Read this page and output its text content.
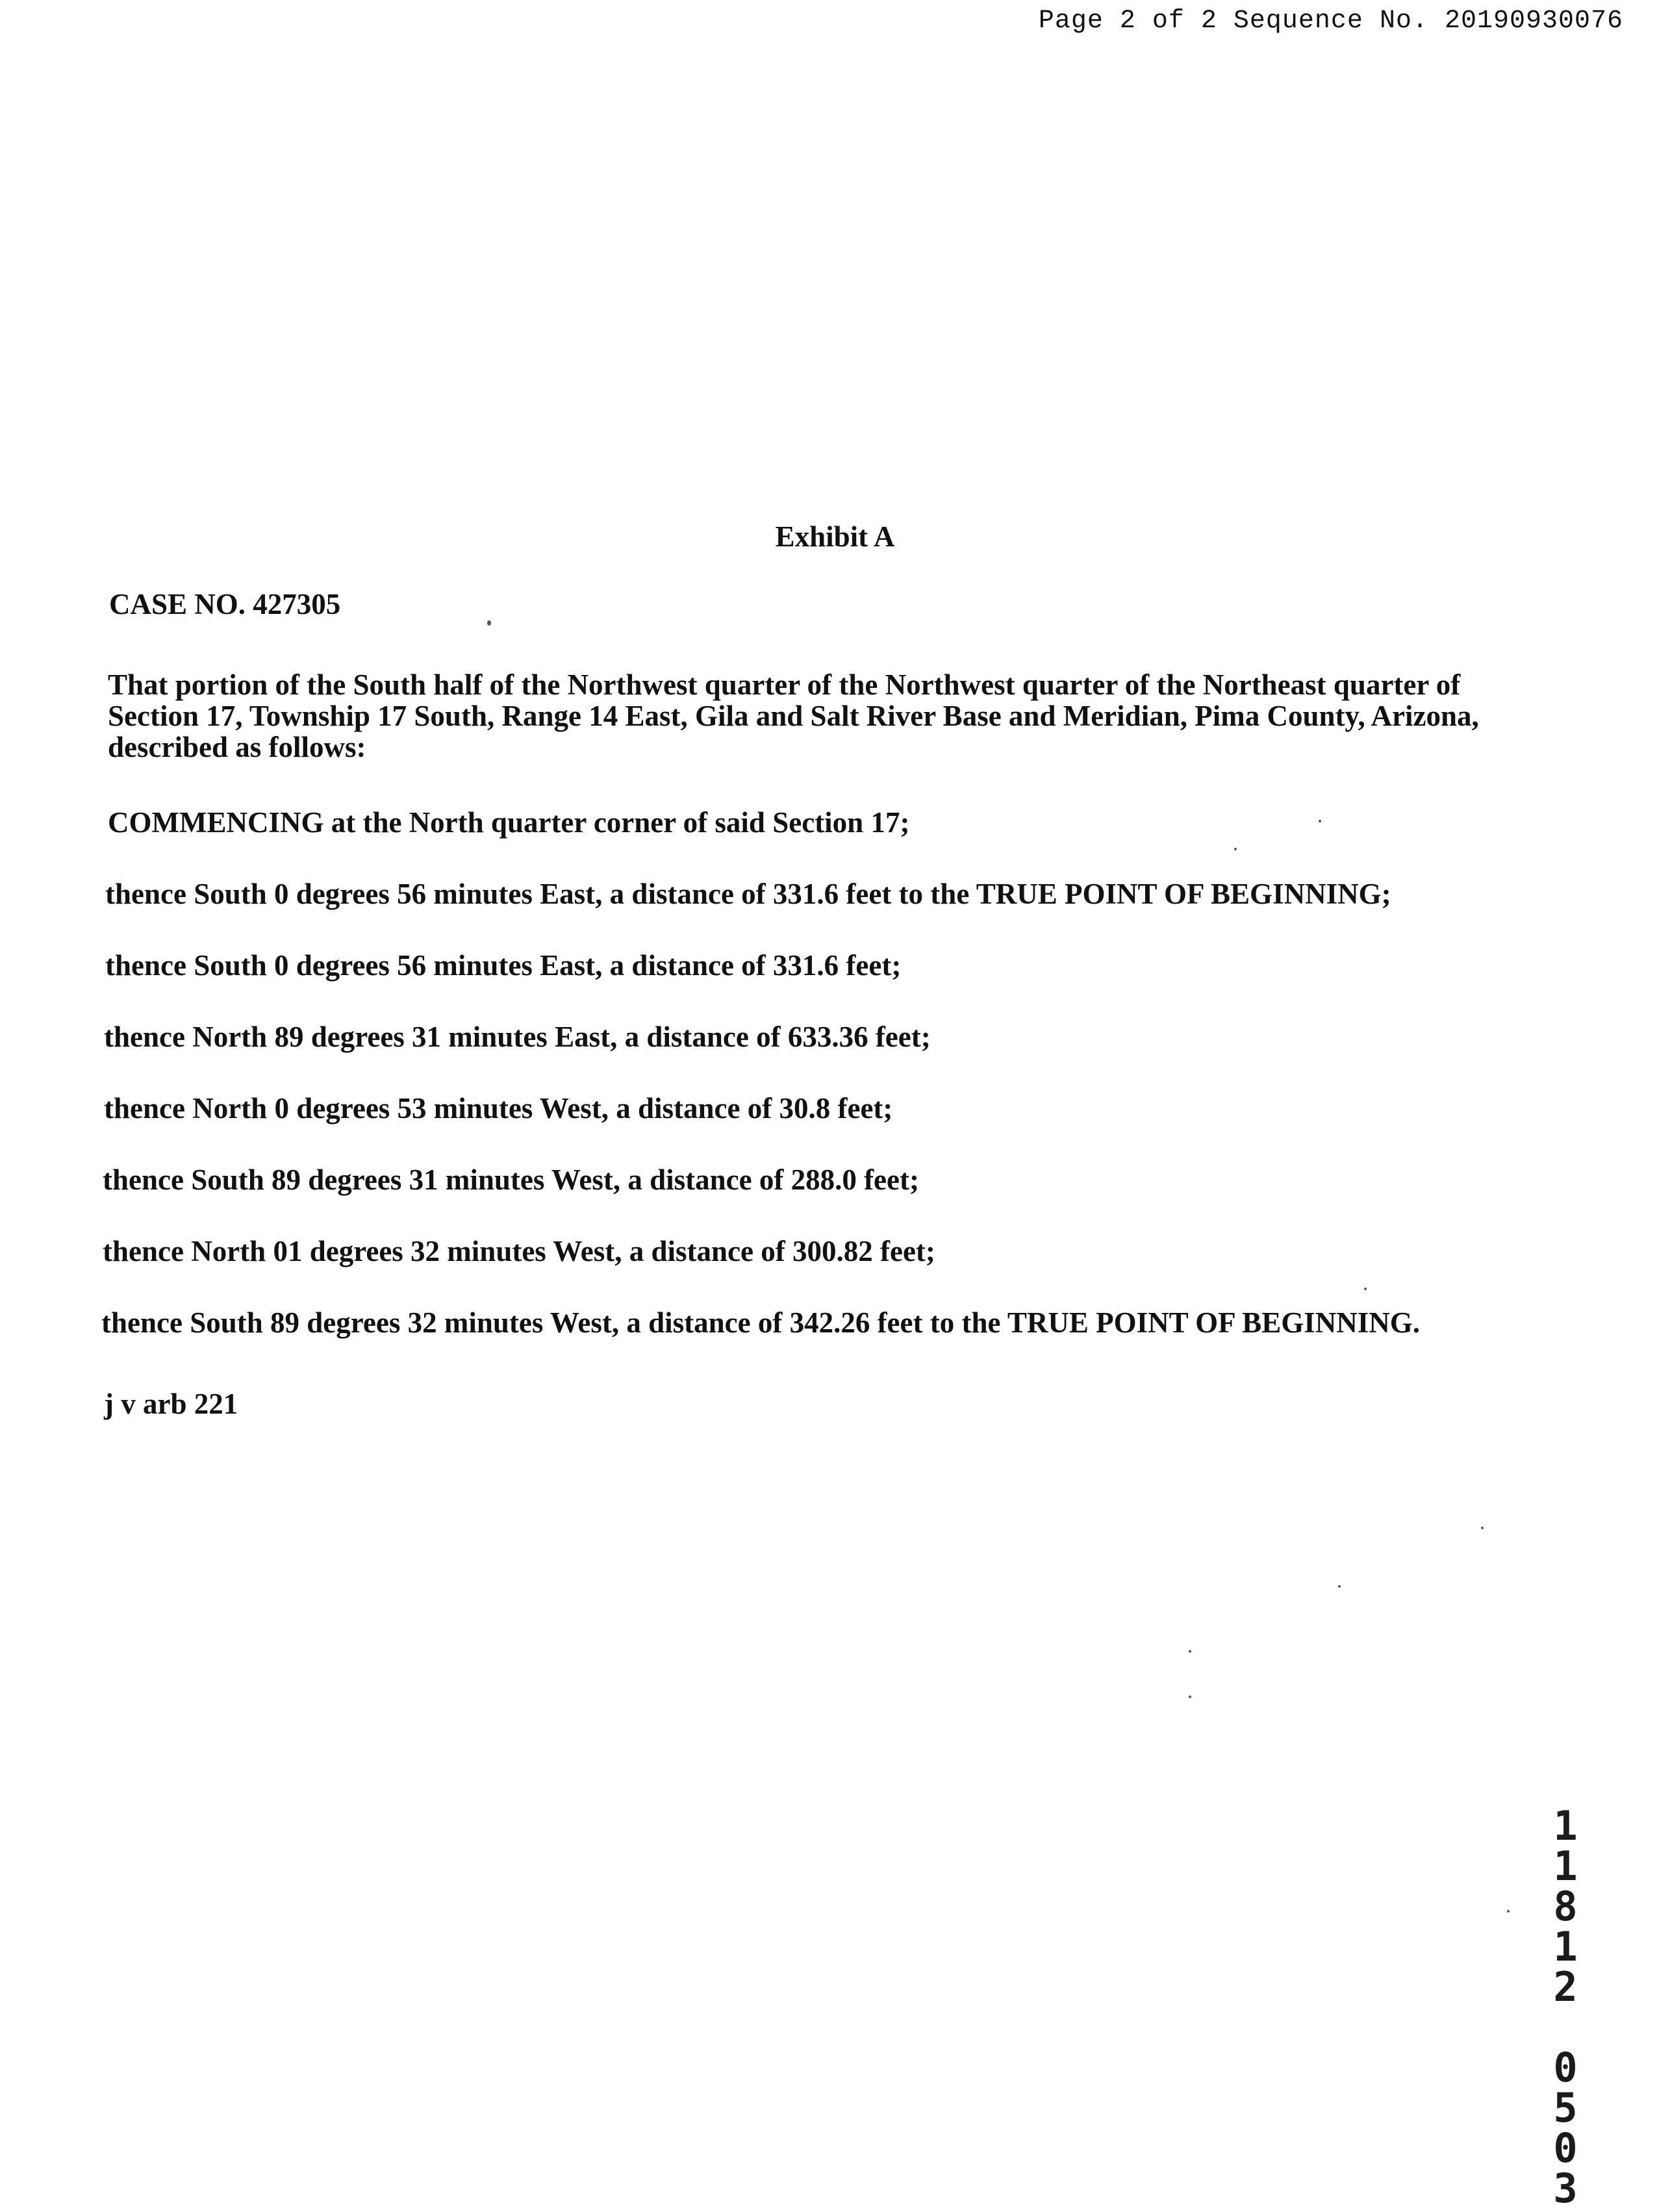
Page 2 of 2 Sequence No. 20190930076
Exhibit A
CASE NO. 427305
That portion of the South half of the Northwest quarter of the Northwest quarter of the Northeast quarter of Section 17, Township 17 South, Range 14 East, Gila and Salt River Base and Meridian, Pima County, Arizona, described as follows:
COMMENCING at the North quarter corner of said Section 17;
thence South 0 degrees 56 minutes East, a distance of 331.6 feet to the TRUE POINT OF BEGINNING;
thence South 0 degrees 56 minutes East, a distance of 331.6 feet;
thence North 89 degrees 31 minutes East, a distance of 633.36 feet;
thence North 0 degrees 53 minutes West, a distance of 30.8 feet;
thence South 89 degrees 31 minutes West, a distance of 288.0 feet;
thence North 01 degrees 32 minutes West, a distance of 300.82 feet;
thence South 89 degrees 32 minutes West, a distance of 342.26 feet to the TRUE POINT OF BEGINNING.
j v arb 221
1
1
8
1
2
0
5
0
3
